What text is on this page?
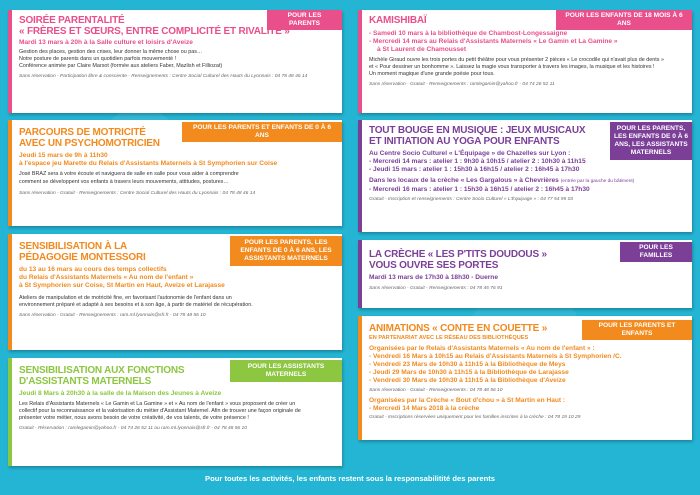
POUR LES PARENTS
SOIRÉE PARENTALITÉ
« FRÈRES ET SŒURS, ENTRE COMPLICITÉ ET RIVALITÉ »
Mardi 13 mars à 20h à la Salle culture et loisirs d'Aveize
Gestion des places, gestion des crises, leur donner la même chose ou pas…
Notre posture de parents dans un quotidien parfois mouvementé !
Conférence animée par Claire Marsot (formée aux ateliers Faber, Mazlish et Filliozat)
Sans réservation - Participation libre & consciente - Renseignements : Centre Social Culturel des Hauts du Lyonnais : 04 78 48 46 14
POUR LES PARENTS ET ENFANTS DE 0 À 6 ANS
PARCOURS DE MOTRICITÉ
AVEC UN PSYCHOMOTRICIEN
Jeudi 15 mars de 9h à 11h30
à l'espace jeu Marette du Relais d'Assistants Maternels à St Symphorien sur Coise
José BRAZ sera à votre écoute et naviguera de salle en salle pour vous aider à comprendre
comment se développent vos enfants à travers leurs mouvements, attitudes, postures…
Sans réservation - Gratuit - Renseignements : Centre Social Culturel des Hauts du Lyonnais : 04 78 48 46 14
POUR LES PARENTS, LES ENFANTS DE 0 À 6 ANS, LES ASSISTANTS MATERNELS
SENSIBILISATION À LA
PÉDAGOGIE MONTESSORI
du 13 au 16 mars au cours des temps collectifs
du Relais d'Assistants Maternels « Au nom de l'enfant »
à St Symphorien sur Coise, St Martin en Haut, Aveize et Larajasse
Ateliers de manipulation et de motricité fine, en favorisant l'autonomie de l'enfant dans un
environnement préparé et adapté à ses besoins et à son âge, à partir de matériel de récupération.
Sans réservation - Gratuit - Renseignements : ram.ml.lyonnais@sfr.fr - 04 78 48 56 10
POUR LES ASSISTANTS MATERNELS
SENSIBILISATION AUX FONCTIONS
D'ASSISTANTS MATERNELS
Jeudi 8 Mars à 20h30 à la salle de la Maison des Jeunes à Aveize
Les Relais d'Assistants Maternels « Le Gamin et La Gamine » et « Au nom de l'enfant » vous proposent de créer un
collectif pour la reconnaissance et la valorisation du métier d'Assistant Maternel. Afin de trouver une façon originale de
présenter votre métier, nous avons besoin de votre créativité, de vos talents, de votre présence !
Gratuit - Réservation : ramlegamin@yahoo.fr - 04 74 26 52 11 ou ram.ml.lyonnais@sfr.fr - 04 78 48 56 10
POUR LES ENFANTS DE 18 MOIS À 6 ANS
KAMISHIBAÏ
- Samedi 10 mars à la bibliothèque de Chambost-Longessaigne
- Mercredi 14 mars au Relais d'Assistants Maternels « Le Gamin et La Gamine »
à St Laurent de Chamousset
Michèle Giraud ouvre les trois portes du petit théâtre pour vous présenter 2 pièces « Le crocodile qui n'avait plus de dents »
et « Pour dessiner un bonhomme ». Laissez la magie vous transporter à travers les images, la musique et les histoires !
Un moment magique d'une grande poésie pour tous.
Sans réservation - Gratuit - Renseignements : ramlegamin@yahoo.fr - 04 74 26 52 11
POUR LES PARENTS, LES ENFANTS DE 0 À 6 ANS, LES ASSISTANTS MATERNELS
TOUT BOUGE EN MUSIQUE : JEUX MUSICAUX
ET INITIATION AU YOGA POUR ENFANTS
Au Centre Socio Culturel « L'Équipage » de Chazelles sur Lyon :
- Mercredi 14 mars : atelier 1 : 9h30 à 10h15 / atelier 2 : 10h30 à 11h15
- Jeudi 15 mars : atelier 1 : 15h30 à 16h15 / atelier 2 : 16h45 à 17h30
Dans les locaux de la crèche « Les Gargalous » à Chevrières (entrée par la gauche du bâtiment)
- Mercredi 16 mars : atelier 1 : 15h30 à 16h15 / atelier 2 : 16h45 à 17h30
Gratuit - Inscription et renseignements : Centre Socio Culturel « L'Équipage » : 04 77 54 95 03
POUR LES FAMILLES
LA CRÈCHE « LES P'TITS DOUDOUS »
VOUS OUVRE SES PORTES
Mardi 13 mars de 17h30 à 18h30 - Duerne
Sans réservation - Gratuit - Renseignements : 04 78 45 76 91
POUR LES PARENTS ET ENFANTS
ANIMATIONS « CONTE EN COUETTE »
EN PARTENARIAT AVEC LE RÉSEAU DES BIBLIOTHÈQUES
Organisées par le Relais d'Assistants Maternels « Au nom de l'enfant » :
- Vendredi 16 Mars à 10h15 au Relais d'Assistants Maternels à St Symphorien /C.
- Vendredi 23 Mars de 10h30 à 11h15 à la Bibliothèque de Meys
- Jeudi 29 Mars de 10h30 à 11h15 à la Bibliothèque de Larajasse
- Vendredi 30 Mars de 10h30 à 11h15 à la Bibliothèque d'Aveize
Sans réservation - Gratuit - Renseignements : 04 78 48 56 10
Organisées par la Crèche « Bout d'chou » à St Martin en Haut :
- Mercredi 14 Mars 2018 à la crèche
Gratuit - Inscriptions réservées uniquement pour les familles inscrites à la crèche : 04 78 19 10 29
Pour toutes les activités, les enfants restent sous la responsabilitité des parents
